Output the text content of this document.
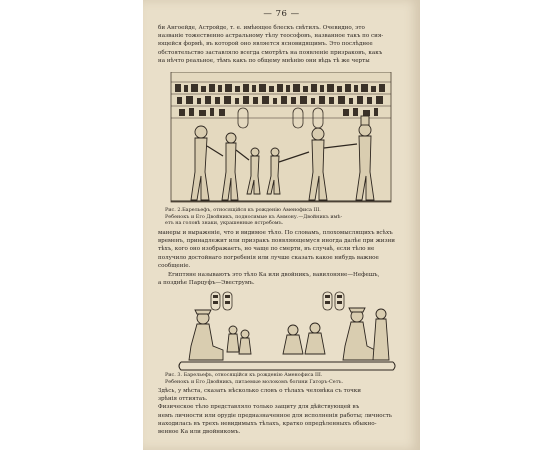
— 76 —
би Ангоейде, Астройде, т. е. имѣющее блескъ свѣтилъ. Очевидно, это
названіе тожественно астральному тѣлу теософовъ, названное такъ по сия-
ющейся формѣ, въ которой оно является ясновидящимъ. Это послѣднее
обстоятельство заставляло всегда смотрѣть на появленіе призраковъ, какъ
на нѣчто реальное, тѣмъ какъ по общему мнѣнію они вѣдь тѣ же черты
Рис. 2.Барельефъ, относящійся къ рожденію Аменофиса III.
Ребенокъ и Его Двойникъ, подносимые къ Аммону.—Двойникъ имѣ-
етъ на головѣ знаки, украшенные ястребомъ.
манеры и выраженіе, что и видимое тѣло. По словамъ, плохомыслящихъ всѣхъ
временъ, принадлежит или призракъ появляющемуся иногда далѣе при жизни
тѣхъ, кого оно изображаетъ, но чаще по смерти, въ случаѣ, если тѣло не
получило достойнаго погребенія или лучше сказать какое нибудь важное
сообщеніе.
Египтяне называютъ это тѣло Ка или двойникъ, вавилоняне—Нефешъ,
а позднѣе Парцуфъ—Эвеструмъ.
Рис. 3. Барельефъ, относящійся къ рожденію Аменофиса III.
Ребенокъ и Его Двойникъ, питаемые молокомъ богини Гаторъ-Сетъ.
Здѣсь, у мѣста, сказать нѣсколько словъ о тѣлахъ человѣка съ точки
зрѣнія оттиятаъ.
Физическое тѣло представляло только защиту для дѣйствующей въ
немъ личности или орудіе предназначенное для исполненія работы; личность
находилась въ трехъ невидимыхъ тѣлахъ, кратко опредѣленныхъ обыкно-
венное Ка или двойникомъ.
